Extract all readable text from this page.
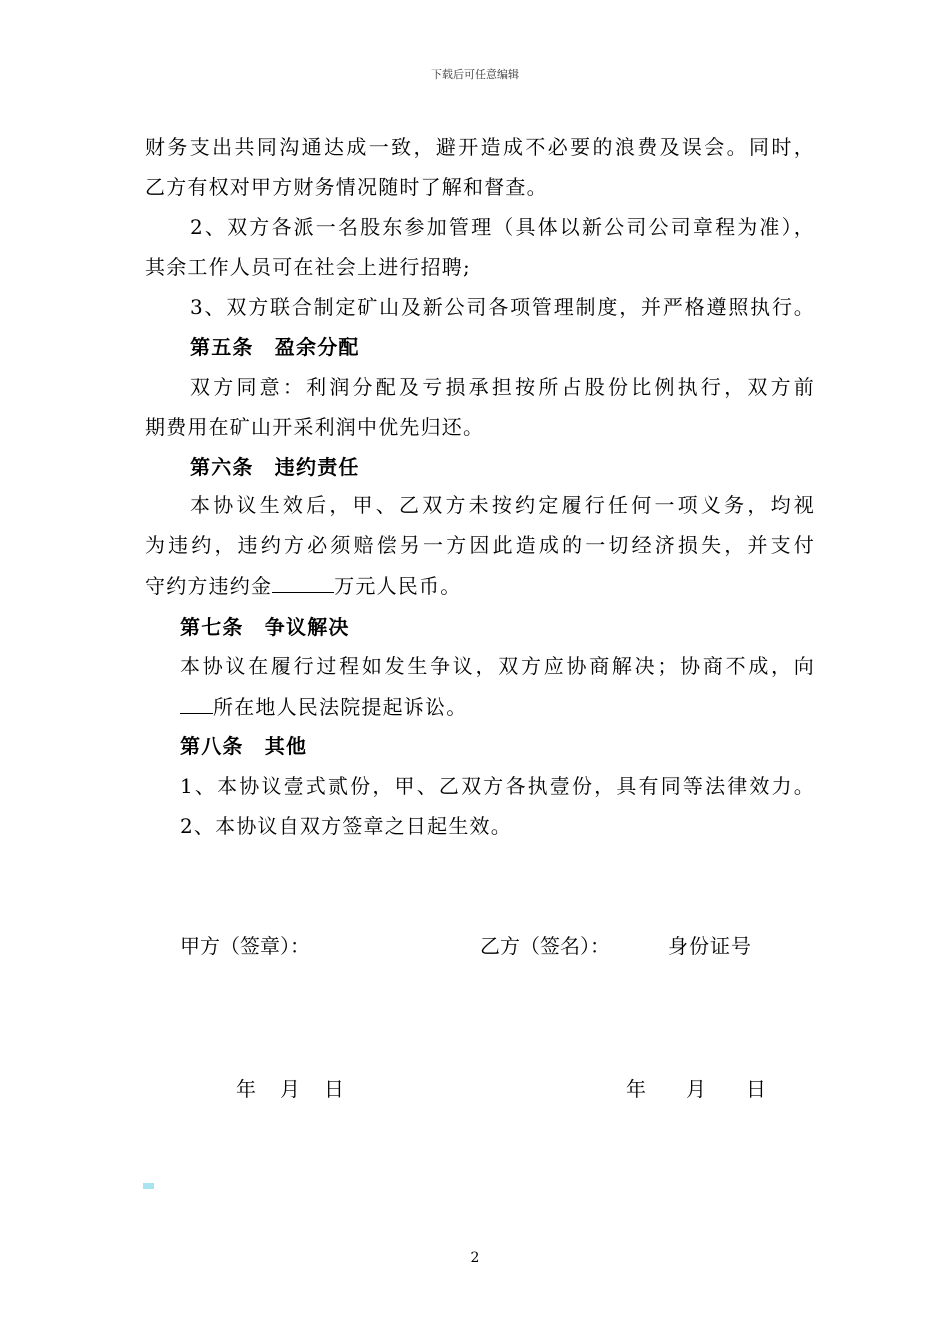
下载后可任意编辑
财务支出共同沟通达成一致，避开造成不必要的浪费及误会。同时，
乙方有权对甲方财务情况随时了解和督查。
2、双方各派一名股东参加管理（具体以新公司公司章程为准），
其余工作人员可在社会上进行招聘;
3、双方联合制定矿山及新公司各项管理制度，并严格遵照执行。
第五条　盈余分配
双方同意：利润分配及亏损承担按所占股份比例执行，双方前
期费用在矿山开采利润中优先归还。
第六条　违约责任
本协议生效后，甲、乙双方未按约定履行任何一项义务，均视
为违约，违约方必须赔偿另一方因此造成的一切经济损失，并支付
守约方违约金	万元人民币。
第七条　争议解决
本协议在履行过程如发生争议，双方应协商解决；协商不成，向
所在地人民法院提起诉讼。
第八条　其他
1、本协议壹式贰份，甲、乙双方各执壹份，具有同等法律效力。
2、本协议自双方签章之日起生效。
甲方（签章）：	乙方（签名）：	身份证号
年　月　日	年　　月　　日
2
